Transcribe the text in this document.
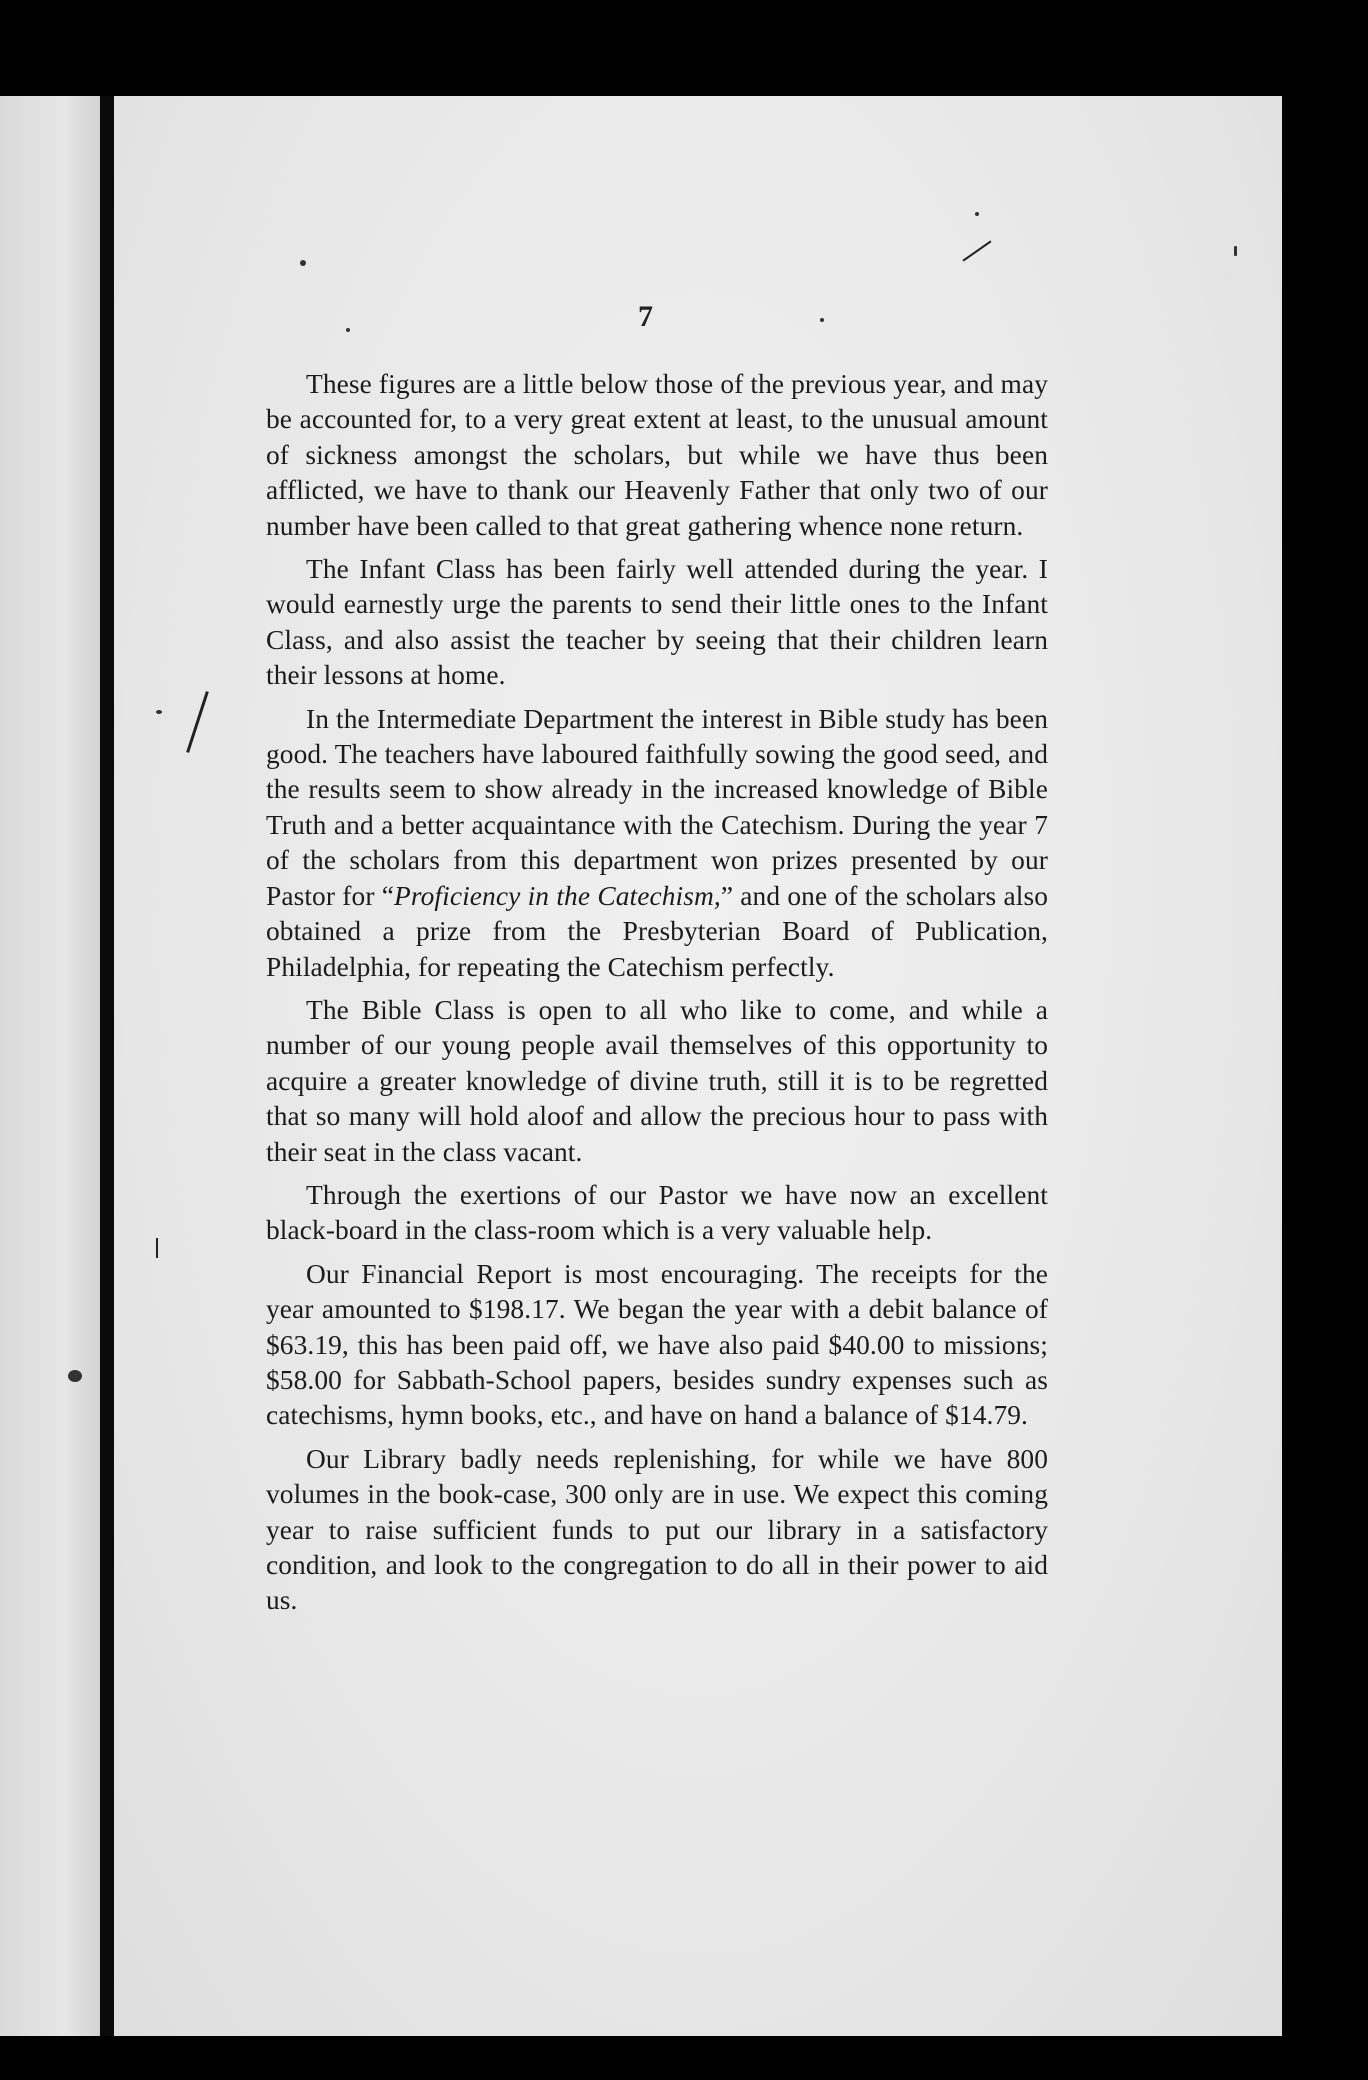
7

These figures are a little below those of the previous year, and may be accounted for, to a very great extent at least, to the unusual amount of sickness amongst the scholars, but while we have thus been afflicted, we have to thank our Heavenly Father that only two of our number have been called to that great gathering whence none return.

The Infant Class has been fairly well attended during the year. I would earnestly urge the parents to send their little ones to the Infant Class, and also assist the teacher by seeing that their children learn their lessons at home.

In the Intermediate Department the interest in Bible study has been good. The teachers have laboured faithfully sowing the good seed, and the results seem to show already in the increased knowledge of Bible Truth and a better acquaintance with the Catechism. During the year 7 of the scholars from this department won prizes presented by our Pastor for “Proficiency in the Catechism,” and one of the scholars also obtained a prize from the Presbyterian Board of Publication, Philadelphia, for repeating the Catechism perfectly.

The Bible Class is open to all who like to come, and while a number of our young people avail themselves of this opportunity to acquire a greater knowledge of divine truth, still it is to be regretted that so many will hold aloof and allow the precious hour to pass with their seat in the class vacant.

Through the exertions of our Pastor we have now an excellent black-board in the class-room which is a very valuable help.

Our Financial Report is most encouraging. The receipts for the year amounted to $198.17. We began the year with a debit balance of $63.19, this has been paid off, we have also paid $40.00 to missions; $58.00 for Sabbath-School papers, besides sundry expenses such as catechisms, hymn books, etc., and have on hand a balance of $14.79.

Our Library badly needs replenishing, for while we have 800 volumes in the book-case, 300 only are in use. We expect this coming year to raise sufficient funds to put our library in a satisfactory condition, and look to the congregation to do all in their power to aid us.
